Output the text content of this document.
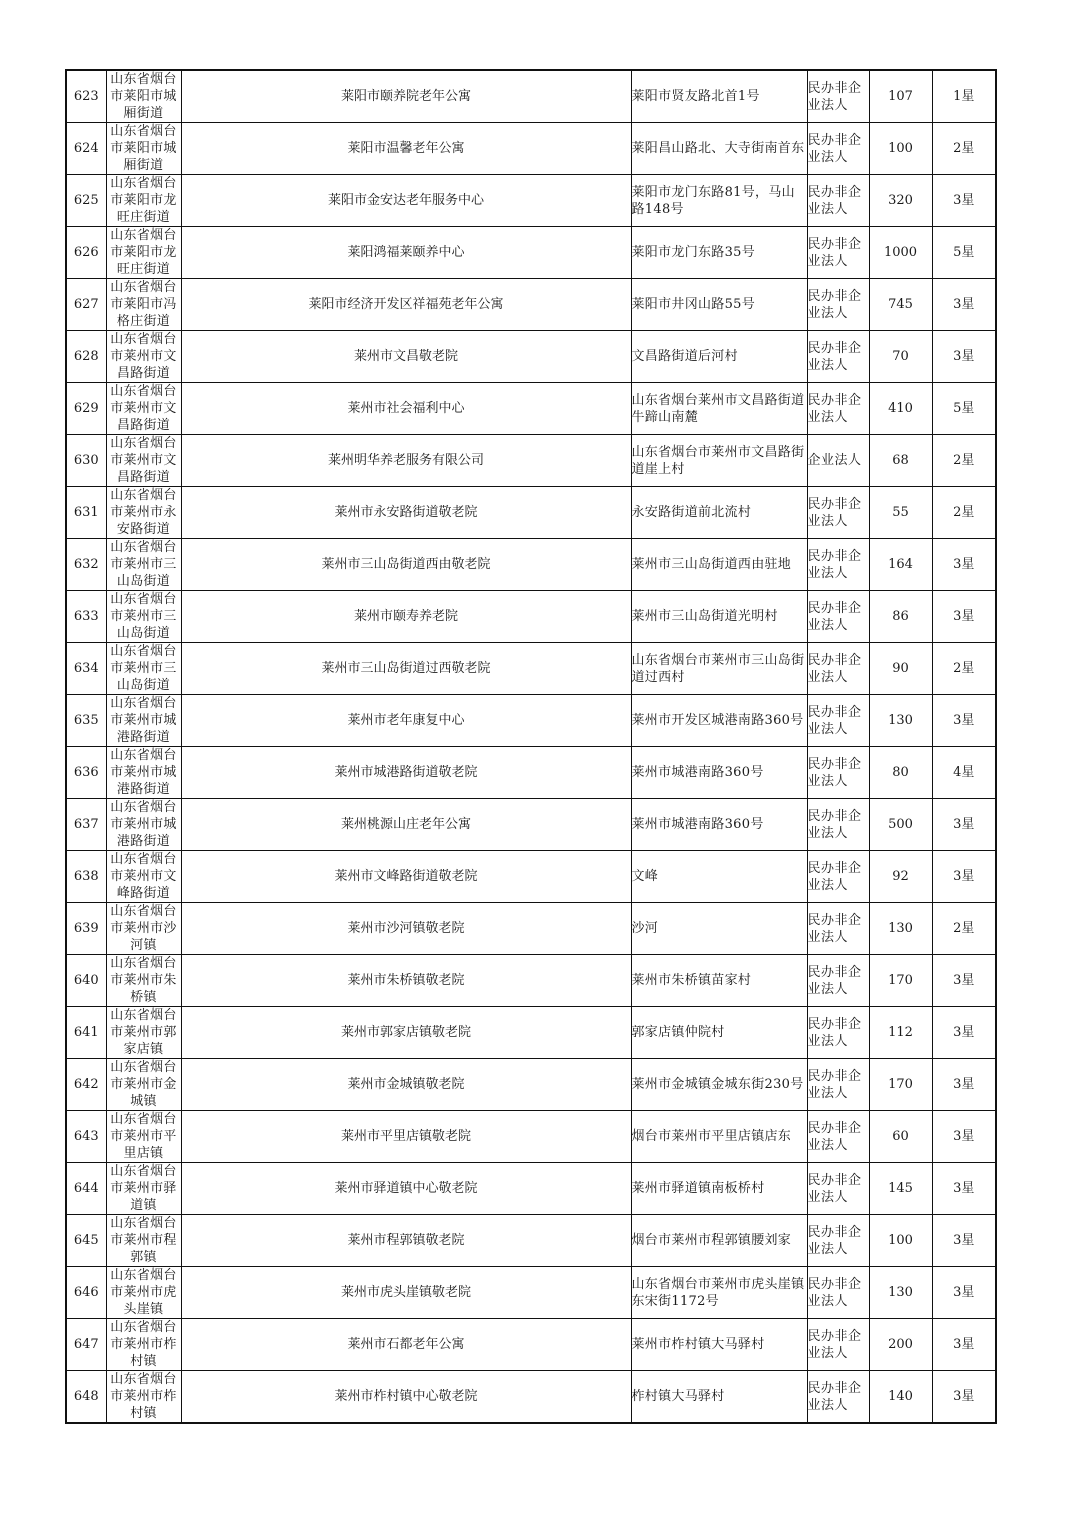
623	山东省烟台市莱阳市城厢街道	莱阳市颐养院老年公寓	莱阳市贤友路北首1号	民办非企业法人	107	1星
624	山东省烟台市莱阳市城厢街道	莱阳市温馨老年公寓	莱阳昌山路北、大寺街南首东	民办非企业法人	100	2星
625	山东省烟台市莱阳市龙旺庄街道	莱阳市金安达老年服务中心	莱阳市龙门东路81号，马山路148号	民办非企业法人	320	3星
626	山东省烟台市莱阳市龙旺庄街道	莱阳鸿福莱颐养中心	莱阳市龙门东路35号	民办非企业法人	1000	5星
627	山东省烟台市莱阳市冯格庄街道	莱阳市经济开发区祥福苑老年公寓	莱阳市井冈山路55号	民办非企业法人	745	3星
628	山东省烟台市莱州市文昌路街道	莱州市文昌敬老院	文昌路街道后河村	民办非企业法人	70	3星
629	山东省烟台市莱州市文昌路街道	莱州市社会福利中心	山东省烟台莱州市文昌路街道牛蹄山南麓	民办非企业法人	410	5星
630	山东省烟台市莱州市文昌路街道	莱州明华养老服务有限公司	山东省烟台市莱州市文昌路街道崖上村	企业法人	68	2星
631	山东省烟台市莱州市永安路街道	莱州市永安路街道敬老院	永安路街道前北流村	民办非企业法人	55	2星
632	山东省烟台市莱州市三山岛街道	莱州市三山岛街道西由敬老院	莱州市三山岛街道西由驻地	民办非企业法人	164	3星
633	山东省烟台市莱州市三山岛街道	莱州市颐寿养老院	莱州市三山岛街道光明村	民办非企业法人	86	3星
634	山东省烟台市莱州市三山岛街道	莱州市三山岛街道过西敬老院	山东省烟台市莱州市三山岛街道过西村	民办非企业法人	90	2星
635	山东省烟台市莱州市城港路街道	莱州市老年康复中心	莱州市开发区城港南路360号	民办非企业法人	130	3星
636	山东省烟台市莱州市城港路街道	莱州市城港路街道敬老院	莱州市城港南路360号	民办非企业法人	80	4星
637	山东省烟台市莱州市城港路街道	莱州桃源山庄老年公寓	莱州市城港南路360号	民办非企业法人	500	3星
638	山东省烟台市莱州市文峰路街道	莱州市文峰路街道敬老院	文峰	民办非企业法人	92	3星
639	山东省烟台市莱州市沙河镇	莱州市沙河镇敬老院	沙河	民办非企业法人	130	2星
640	山东省烟台市莱州市朱桥镇	莱州市朱桥镇敬老院	莱州市朱桥镇苗家村	民办非企业法人	170	3星
641	山东省烟台市莱州市郭家店镇	莱州市郭家店镇敬老院	郭家店镇仲院村	民办非企业法人	112	3星
642	山东省烟台市莱州市金城镇	莱州市金城镇敬老院	莱州市金城镇金城东街230号	民办非企业法人	170	3星
643	山东省烟台市莱州市平里店镇	莱州市平里店镇敬老院	烟台市莱州市平里店镇店东	民办非企业法人	60	3星
644	山东省烟台市莱州市驿道镇	莱州市驿道镇中心敬老院	莱州市驿道镇南板桥村	民办非企业法人	145	3星
645	山东省烟台市莱州市程郭镇	莱州市程郭镇敬老院	烟台市莱州市程郭镇腰刘家	民办非企业法人	100	3星
646	山东省烟台市莱州市虎头崖镇	莱州市虎头崖镇敬老院	山东省烟台市莱州市虎头崖镇东宋街1172号	民办非企业法人	130	3星
647	山东省烟台市莱州市柞村镇	莱州市石都老年公寓	莱州市柞村镇大马驿村	民办非企业法人	200	3星
648	山东省烟台市莱州市柞村镇	莱州市柞村镇中心敬老院	柞村镇大马驿村	民办非企业法人	140	3星
